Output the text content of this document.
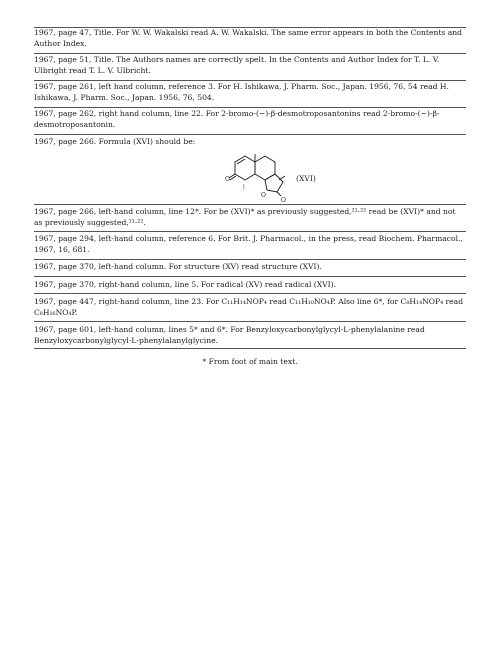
1967, page 47, Title. For W. W. Wakalski read A. W. Wakalski. The same error appears in both the Contents and Author Index.
1967, page 51, Title. The Authors names are correctly spelt. In the Contents and Author Index for T. L. V. Ulbright read T. L. V. Ulbricht.
1967, page 261, left hand column, reference 3. For H. Ishikawa, J. Pharm. Soc., Japan. 1956, 76, 54 read H. Ishikawa, J. Pharm. Soc., Japan. 1956, 76, 504.
1967, page 262, right hand column, line 22. For 2-bromo-(−)-β-desmotroposantonins read 2-bromo-(−)-β-desmotroposantonin.
1967, page 266. Formula (XVI) should be:
O
|
O
O
(XVI)
1967, page 266, left-hand column, line 12*. For be (XVI)* as previously suggested,²¹·²² read be (XVI)* and not as previously suggested,²¹·²².
1967, page 294, left-hand column, reference 6. For Brit. J. Pharmacol., in the press, read Biochem. Pharmacol., 1967, 16, 681.
1967, page 370, left-hand column. For structure (XV) read structure (XVI).
1967, page 370, right-hand column, line 5. For radical (XV) read radical (XVI).
1967, page 447, right-hand column, line 23. For C₁₁H₁₄NOP₄ read C₁₁H₁₀NO₄P. Also line 6*, for C₈H₁₄NOP₄ read C₈H₁₆NO₄P.
1967, page 601, left-hand column, lines 5* and 6*. For Benzyloxycarbonylglycyl-L-phenylalanine read Benzyloxycarbonylglycyl-L-phenylalanylglycine.
* From foot of main text.
